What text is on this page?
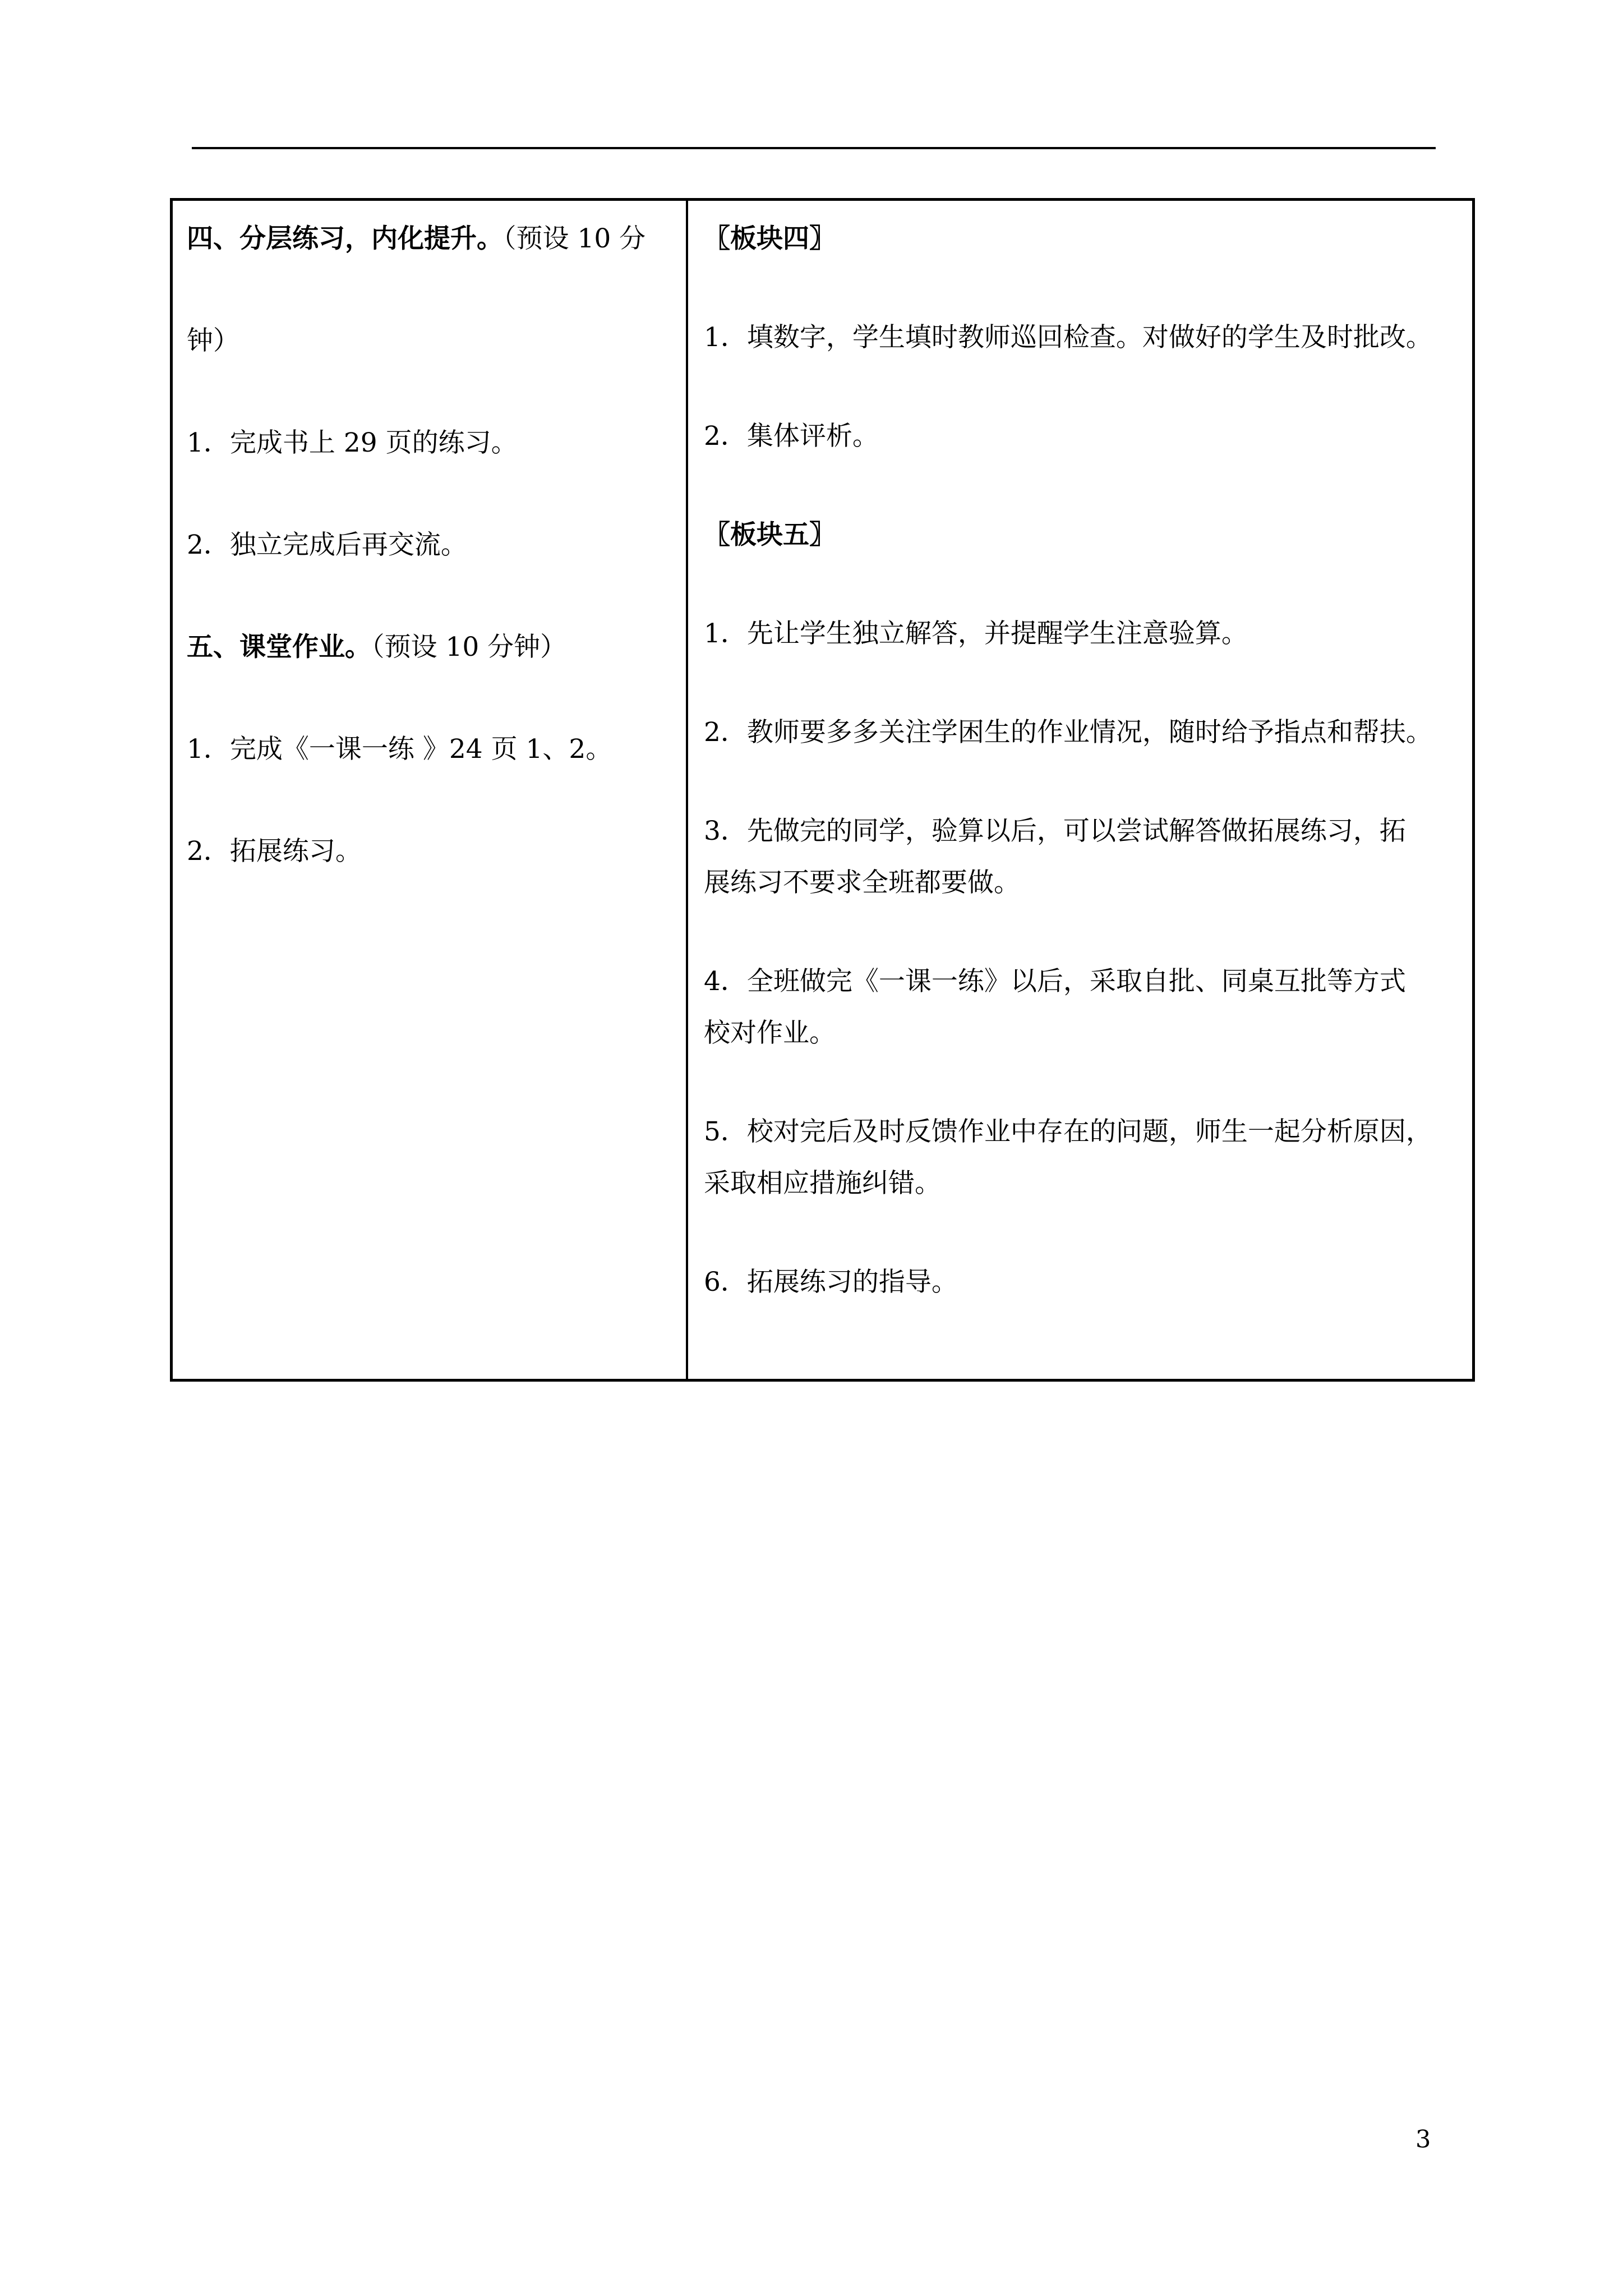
四、分层练习，内化提升。（预设 10 分
钟）
1．完成书上 29 页的练习。
2．独立完成后再交流。
五、课堂作业。（预设 10 分钟）
1．完成《一课一练 》24 页 1、2。
2．拓展练习。
〖板块四〗
1．填数字，学生填时教师巡回检查。对做好的学生及时批改。
2．集体评析。
〖板块五〗
1．先让学生独立解答，并提醒学生注意验算。
2．教师要多多关注学困生的作业情况，随时给予指点和帮扶。
3．先做完的同学，验算以后，可以尝试解答做拓展练习，拓
展练习不要求全班都要做。
4．全班做完《一课一练》以后，采取自批、同桌互批等方式
校对作业。
5．校对完后及时反馈作业中存在的问题，师生一起分析原因，
采取相应措施纠错。
6．拓展练习的指导。
3
